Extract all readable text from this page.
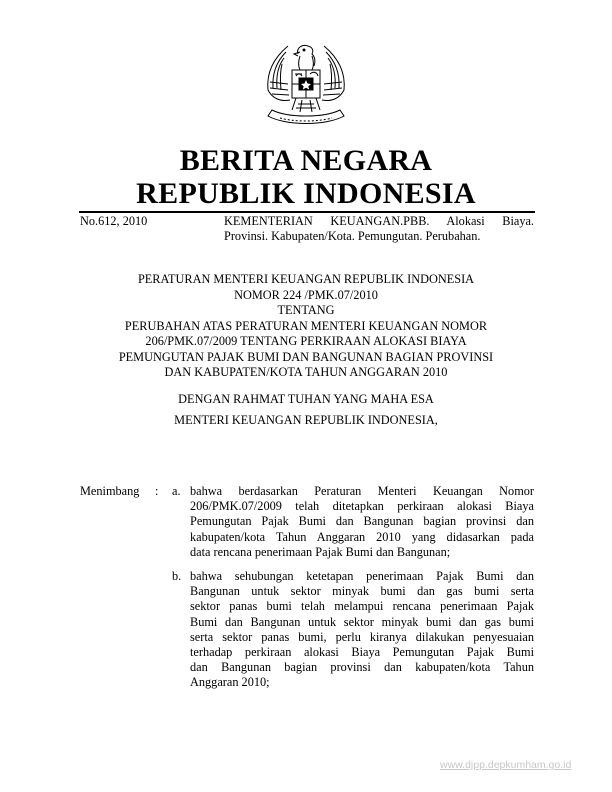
BERITA NEGARA
REPUBLIK INDONESIA
No.612, 2010	KEMENTERIAN KEUANGAN.PBB. Alokasi Biaya.
Provinsi. Kabupaten/Kota. Pemungutan. Perubahan.
PERATURAN MENTERI KEUANGAN REPUBLIK INDONESIA
NOMOR 224 /PMK.07/2010
TENTANG
PERUBAHAN ATAS PERATURAN MENTERI KEUANGAN NOMOR
206/PMK.07/2009 TENTANG PERKIRAAN ALOKASI BIAYA
PEMUNGUTAN PAJAK BUMI DAN BANGUNAN BAGIAN PROVINSI
DAN KABUPATEN/KOTA TAHUN ANGGARAN 2010
DENGAN RAHMAT TUHAN YANG MAHA ESA
MENTERI KEUANGAN REPUBLIK INDONESIA,
Menimbang : a. bahwa berdasarkan Peraturan Menteri Keuangan Nomor
206/PMK.07/2009 telah ditetapkan perkiraan alokasi Biaya
Pemungutan Pajak Bumi dan Bangunan bagian provinsi dan
kabupaten/kota Tahun Anggaran 2010 yang didasarkan pada
data rencana penerimaan Pajak Bumi dan Bangunan;
b. bahwa sehubungan ketetapan penerimaan Pajak Bumi dan
Bangunan untuk sektor minyak bumi dan gas bumi serta
sektor panas bumi telah melampui rencana penerimaan Pajak
Bumi dan Bangunan untuk sektor minyak bumi dan gas bumi
serta sektor panas bumi, perlu kiranya dilakukan penyesuaian
terhadap perkiraan alokasi Biaya Pemungutan Pajak Bumi
dan Bangunan bagian provinsi dan kabupaten/kota Tahun
Anggaran 2010;
www.djpp.depkumham.go.id
